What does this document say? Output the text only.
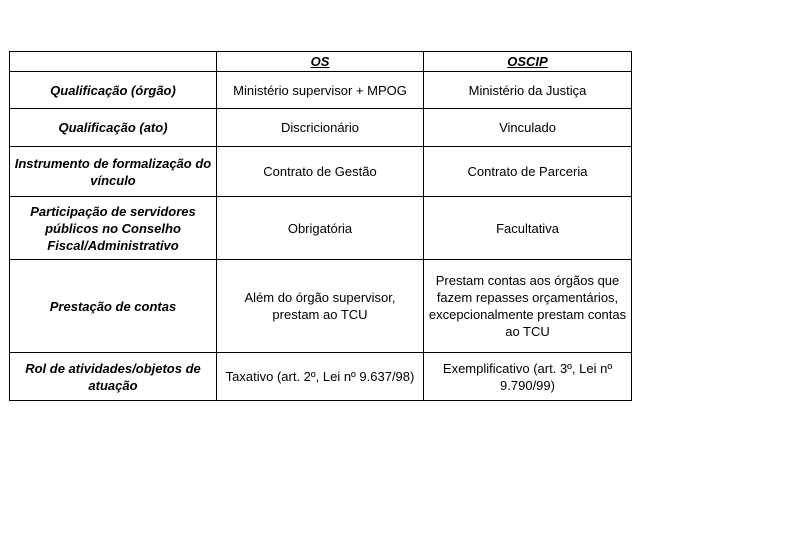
	OS	OSCIP
Qualificação (órgão)	Ministério supervisor + MPOG	Ministério da Justiça
Qualificação (ato)	Discricionário	Vinculado
Instrumento de formalização do vínculo	Contrato de Gestão	Contrato de Parceria
Participação de servidores públicos no Conselho Fiscal/Administrativo	Obrigatória	Facultativa
Prestação de contas	Além do órgão supervisor, prestam ao TCU	Prestam contas aos órgãos que fazem repasses orçamentários, excepcionalmente prestam contas ao TCU
Rol de atividades/objetos de atuação	Taxativo (art. 2º, Lei nº 9.637/98)	Exemplificativo (art. 3º, Lei nº 9.790/99)
